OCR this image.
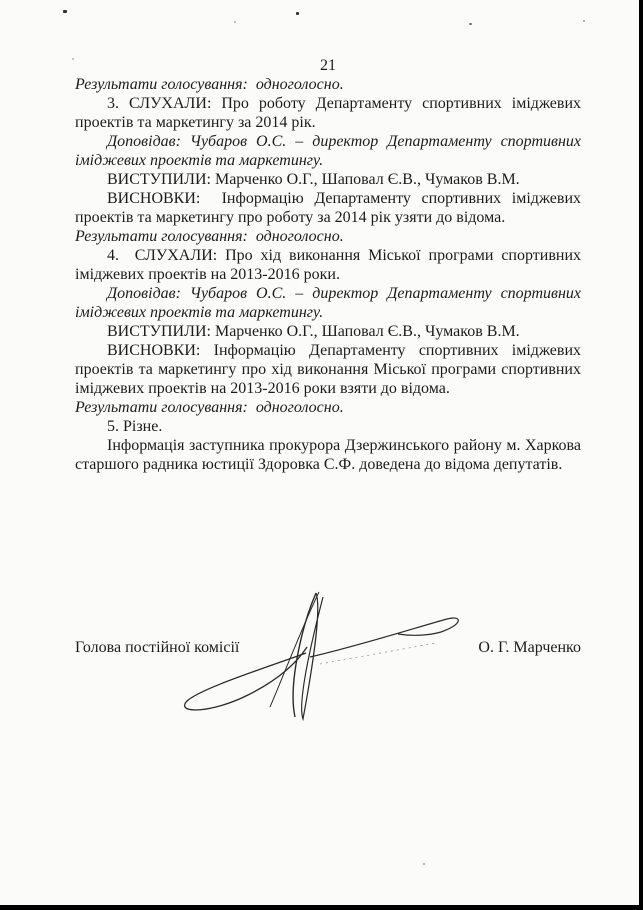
21

Результати голосування:  одноголосно.

3. СЛУХАЛИ: Про роботу Департаменту спортивних іміджевих проектів та маркетингу за 2014 рік.

Доповідав: Чубаров О.С. – директор Департаменту спортивних іміджевих проектів та маркетингу.

ВИСТУПИЛИ: Марченко О.Г., Шаповал Є.В., Чумаков В.М.

ВИСНОВКИ:  Інформацію Департаменту спортивних іміджевих проектів та маркетингу про роботу за 2014 рік узяти до відома.

Результати голосування:  одноголосно.

4.  СЛУХАЛИ: Про хід виконання Міської програми спортивних іміджевих проектів на 2013-2016 роки.

Доповідав: Чубаров О.С. – директор Департаменту спортивних іміджевих проектів та маркетингу.

ВИСТУПИЛИ: Марченко О.Г., Шаповал Є.В., Чумаков В.М.

ВИСНОВКИ: Інформацію Департаменту спортивних іміджевих проектів та маркетингу про хід виконання Міської програми спортивних іміджевих проектів на 2013-2016 роки взяти до відома.

Результати голосування:  одноголосно.

5. Різне.

Інформація заступника прокурора Дзержинського району м. Харкова старшого радника юстиції Здоровка С.Ф. доведена до відома депутатів.

Голова постійної комісії	О. Г. Марченко
